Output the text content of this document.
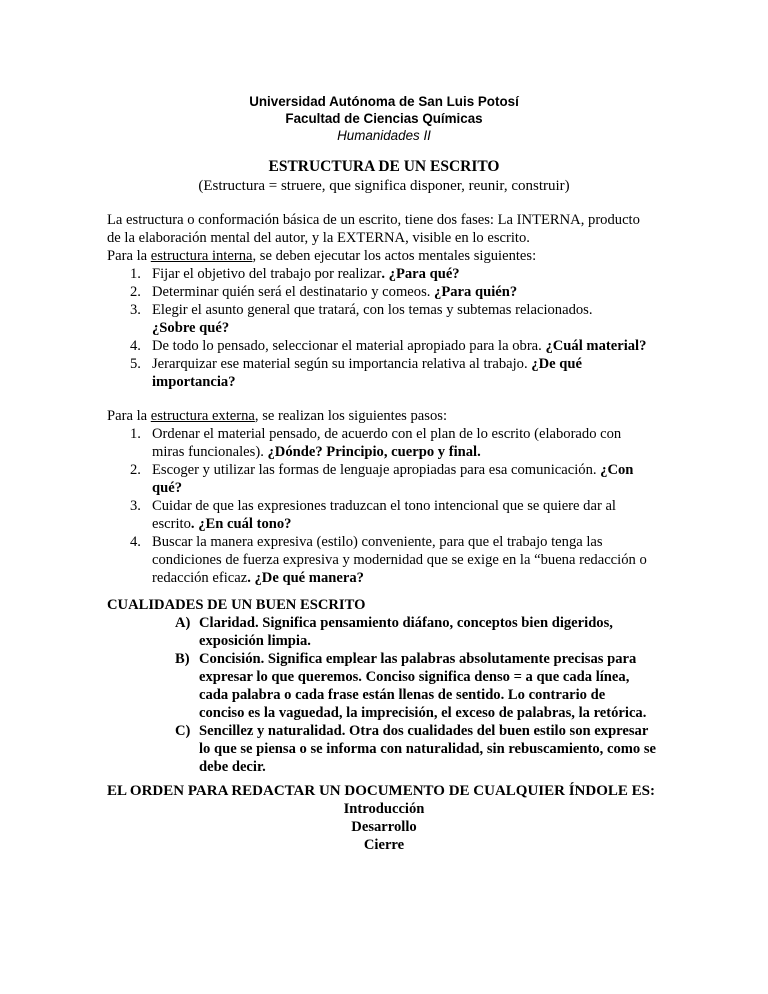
Universidad Autónoma de San Luis Potosí
Facultad de Ciencias Químicas
Humanidades II
ESTRUCTURA DE UN ESCRITO
(Estructura = struere, que significa disponer, reunir, construir)
La estructura o conformación básica de un escrito, tiene dos fases: La INTERNA, producto
de la elaboración mental del autor, y la EXTERNA, visible en lo escrito.
Para la estructura interna, se deben ejecutar los actos mentales siguientes:
1. Fijar el objetivo del trabajo por realizar. ¿Para qué?
2. Determinar quién será el destinatario y comeos. ¿Para quién?
3. Elegir el asunto general que tratará, con los temas y subtemas relacionados.
¿Sobre qué?
4. De todo lo pensado, seleccionar el material apropiado para la obra. ¿Cuál material?
5. Jerarquizar ese material según su importancia relativa al trabajo. ¿De qué
importancia?
Para la estructura externa, se realizan los siguientes pasos:
1. Ordenar el material pensado, de acuerdo con el plan de lo escrito (elaborado con
miras funcionales). ¿Dónde? Principio, cuerpo y final.
2. Escoger y utilizar las formas de lenguaje apropiadas para esa comunicación. ¿Con
qué?
3. Cuidar de que las expresiones traduzcan el tono intencional que se quiere dar al
escrito. ¿En cuál tono?
4. Buscar la manera expresiva (estilo) conveniente, para que el trabajo tenga las
condiciones de fuerza expresiva y modernidad que se exige en la “buena redacción o
redacción eficaz. ¿De qué manera?
CUALIDADES DE UN BUEN ESCRITO
A) Claridad. Significa pensamiento diáfano, conceptos bien digeridos,
exposición limpia.
B) Concisión. Significa emplear las palabras absolutamente precisas para
expresar lo que queremos. Conciso significa denso = a que cada línea,
cada palabra o cada frase están llenas de sentido. Lo contrario de
conciso es la vaguedad, la imprecisión, el exceso de palabras, la retórica.
C) Sencillez y naturalidad. Otra dos cualidades del buen estilo son expresar
lo que se piensa o se informa con naturalidad, sin rebuscamiento, como se
debe decir.
EL ORDEN PARA REDACTAR UN DOCUMENTO DE CUALQUIER ÍNDOLE ES:
Introducción
Desarrollo
Cierre
